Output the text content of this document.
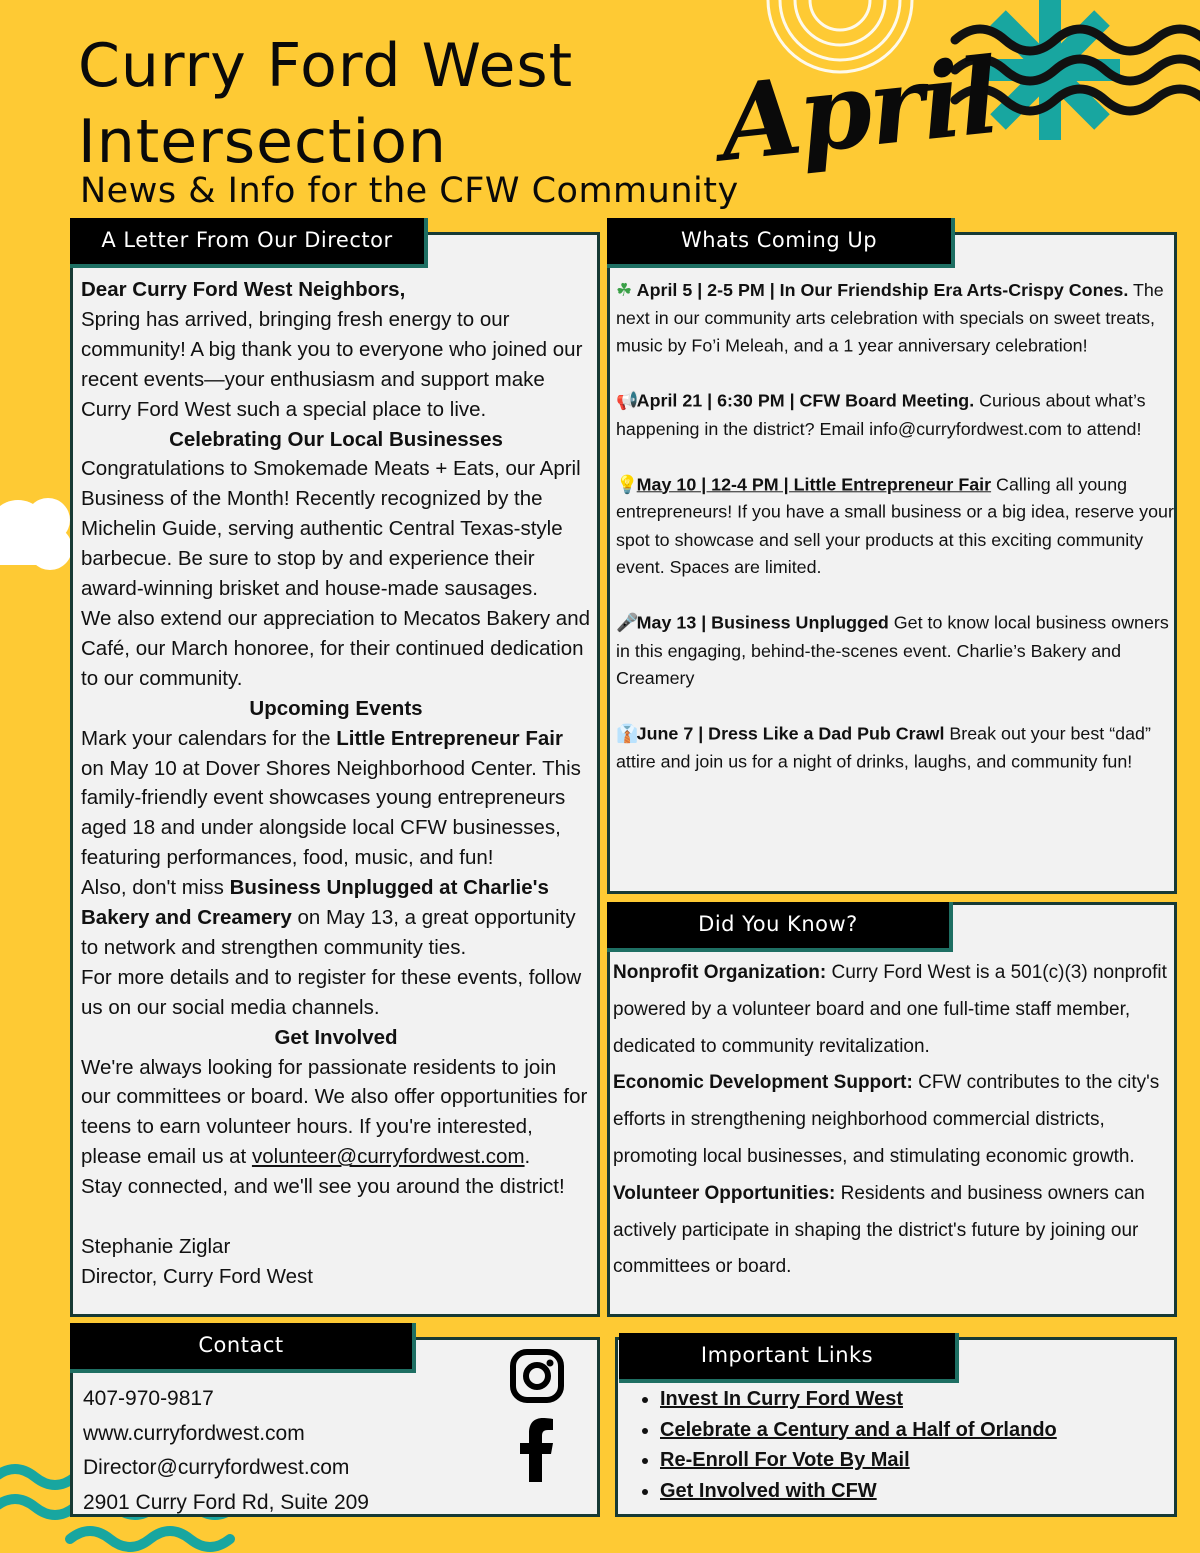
Curry Ford West
Intersection
News & Info for the CFW Community
April

Dear Curry Ford West Neighbors,

Spring has arrived, bringing fresh energy to our community! A big thank you to everyone who joined our recent events—your enthusiasm and support make Curry Ford West such a special place to live.

Celebrating Our Local Businesses

Congratulations to Smokemade Meats + Eats, our April Business of the Month! Recently recognized by the Michelin Guide, serving authentic Central Texas-style barbecue. Be sure to stop by and experience their award-winning brisket and house-made sausages.

We also extend our appreciation to Mecatos Bakery and Café, our March honoree, for their continued dedication to our community.

Upcoming Events

Mark your calendars for the Little Entrepreneur Fair on May 10 at Dover Shores Neighborhood Center. This family-friendly event showcases young entrepreneurs aged 18 and under alongside local CFW businesses, featuring performances, food, music, and fun!

Also, don't miss Business Unplugged at Charlie's Bakery and Creamery on May 13, a great opportunity to network and strengthen community ties.

For more details and to register for these events, follow us on our social media channels.

Get Involved

We're always looking for passionate residents to join our committees or board. We also offer opportunities for teens to earn volunteer hours. If you're interested, please email us at volunteer@curryfordwest.com.

Stay connected, and we'll see you around the district!

Stephanie Ziglar

Director, Curry Ford West

A Letter From Our Director
☘ April 5 | 2-5 PM | In Our Friendship Era Arts-Crispy Cones. The next in our community arts celebration with specials on sweet treats, music by Fo’i Meleah, and a 1 year anniversary celebration!
📢April 21 | 6:30 PM | CFW Board Meeting. Curious about what’s happening in the district? Email info@curryfordwest.com to attend!
💡May 10 | 12-4 PM | Little Entrepreneur Fair Calling all young entrepreneurs! If you have a small business or a big idea, reserve your spot to showcase and sell your products at this exciting community event. Spaces are limited.
🎤May 13 | Business Unplugged Get to know local business owners in this engaging, behind-the-scenes event. Charlie’s Bakery and Creamery
👔June 7 | Dress Like a Dad Pub Crawl Break out your best “dad” attire and join us for a night of drinks, laughs, and community fun!
Whats Coming Up

Nonprofit Organization: Curry Ford West is a 501(c)(3) nonprofit powered by a volunteer board and one full-time staff member, dedicated to community revitalization.

Economic Development Support: CFW contributes to the city's efforts in strengthening neighborhood commercial districts, promoting local businesses, and stimulating economic growth.

Volunteer Opportunities: Residents and business owners can actively participate in shaping the district's future by joining our committees or board.

Did You Know?
407-970-9817
www.curryfordwest.com
Director@curryfordwest.com
2901 Curry Ford Rd, Suite 209
Contact
• Invest In Curry Ford West
• Celebrate a Century and a Half of Orlando
• Re-Enroll For Vote By Mail
• Get Involved with CFW
Important Links
